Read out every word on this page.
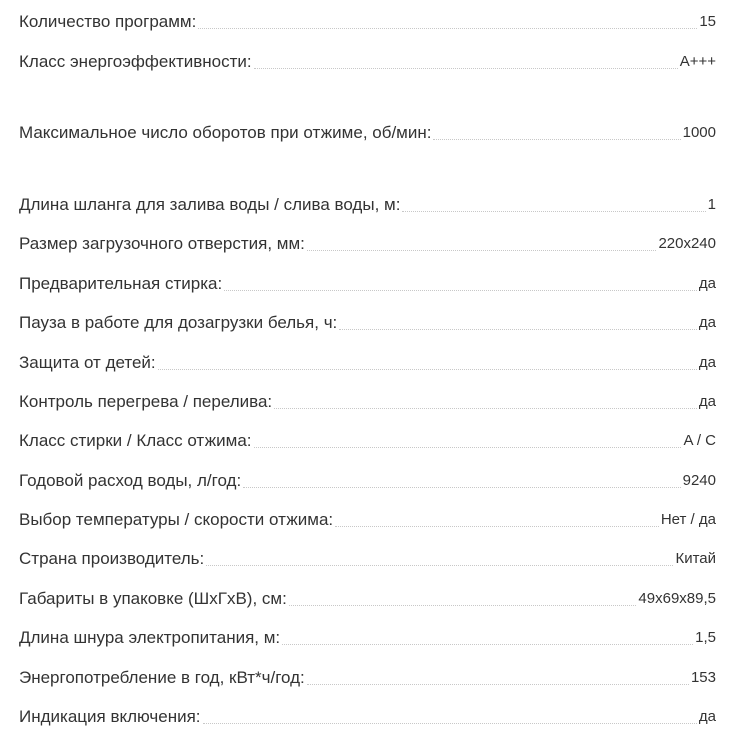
Количество программ:	15
Класс энергоэффективности:	A+++
Максимальное число оборотов при отжиме, об/мин:	1000
Длина шланга для залива воды / слива воды, м:	1
Размер загрузочного отверстия, мм:	220x240
Предварительная стирка:	да
Пауза в работе для дозагрузки белья, ч:	да
Защита от детей:	да
Контроль перегрева / перелива:	да
Класс стирки / Класс отжима:	A / C
Годовой расход воды, л/год:	9240
Выбор температуры / скорости отжима:	Нет / да
Страна производитель:	Китай
Габариты в упаковке (ШхГхВ), см:	49x69x89,5
Длина шнура электропитания, м:	1,5
Энергопотребление в год, кВт*ч/год:	153
Индикация включения:	да
